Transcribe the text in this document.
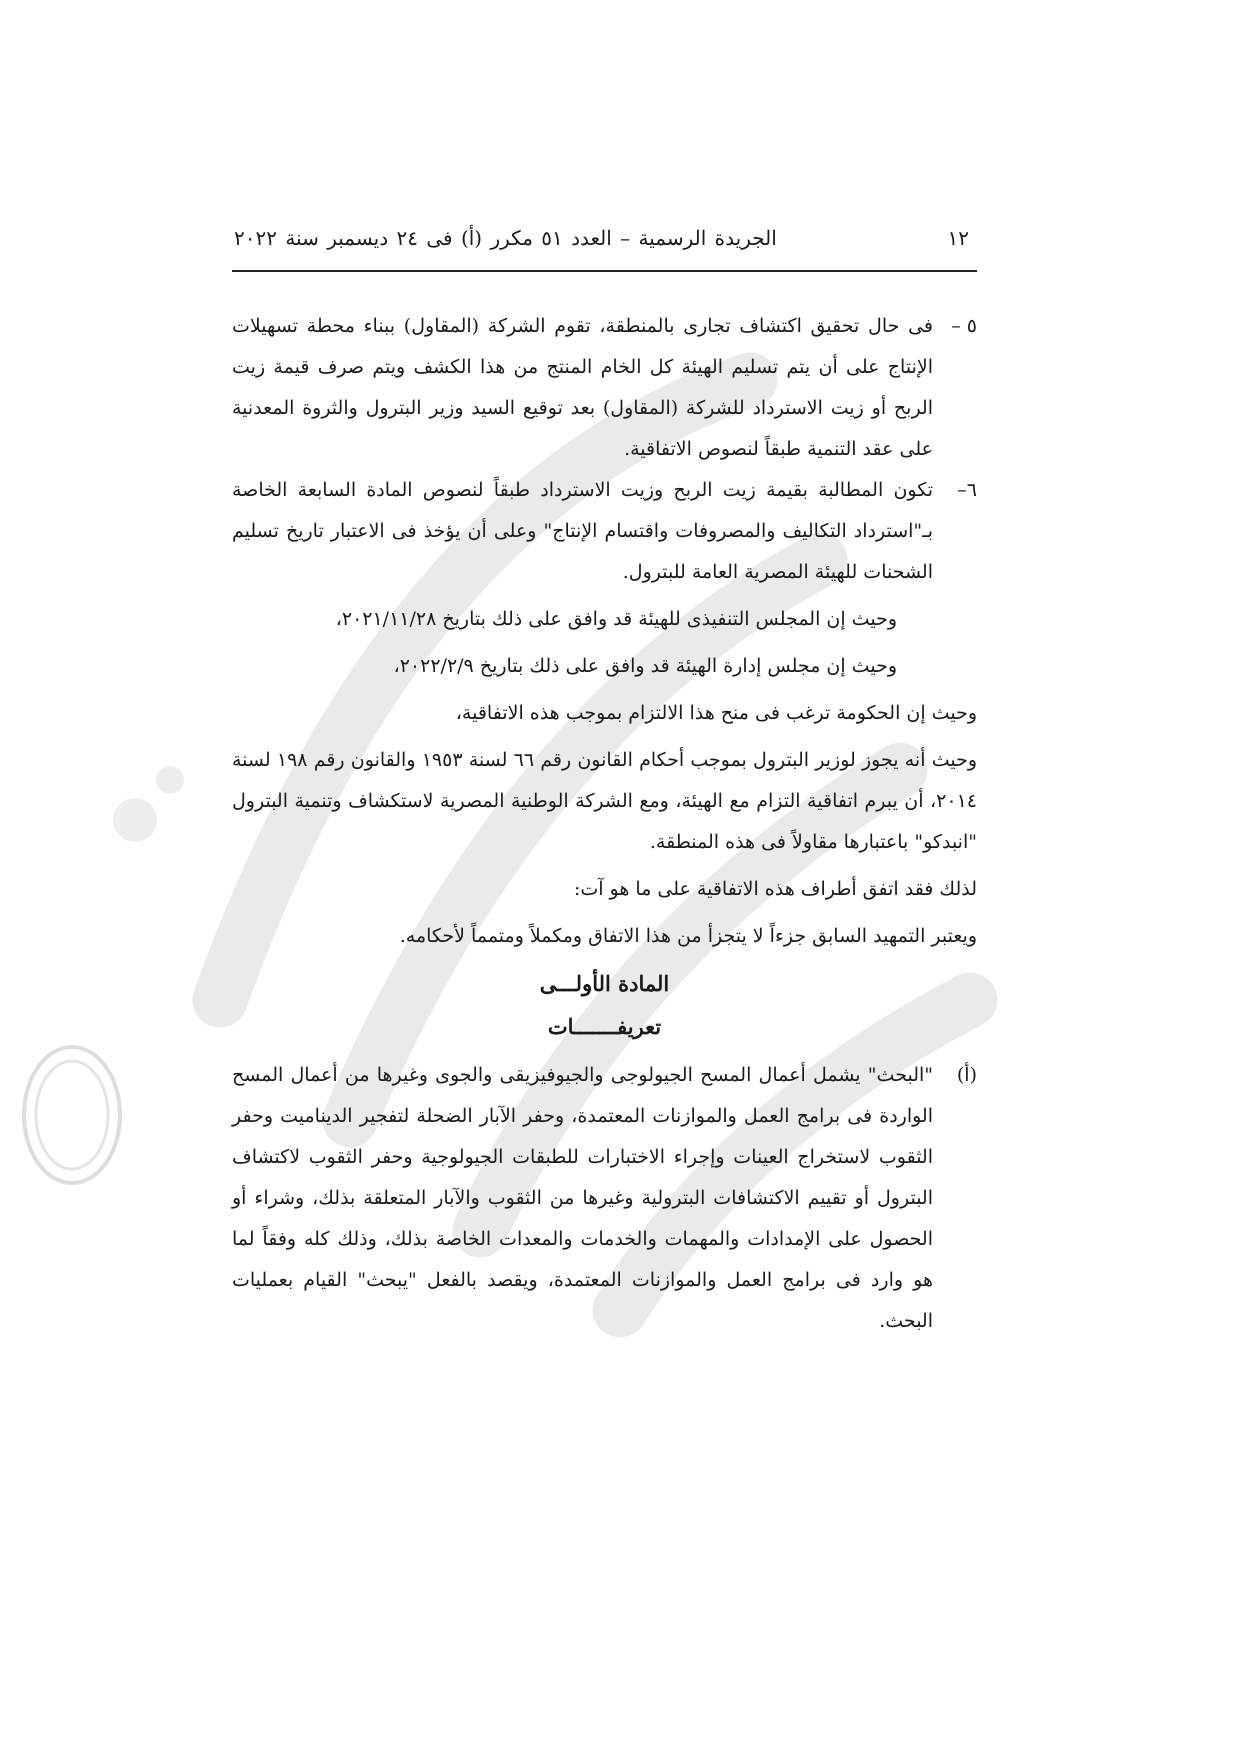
١٢
الجريدة الرسمية – العدد ٥١ مكرر (أ) فى ٢٤ ديسمبر سنة ٢٠٢٢
٥ –
فى حال تحقيق اكتشاف تجارى بالمنطقة، تقوم الشركة (المقاول) ببناء محطة تسهيلات الإنتاج على أن يتم تسليم الهيئة كل الخام المنتج من هذا الكشف ويتم صرف قيمة زيت الربح أو زيت الاسترداد للشركة (المقاول) بعد توقيع السيد وزير البترول والثروة المعدنية على عقد التنمية طبقاً لنصوص الاتفاقية.
٦–
تكون المطالبة بقيمة زيت الربح وزيت الاسترداد طبقاً لنصوص المادة السابعة الخاصة بـ"استرداد التكاليف والمصروفات واقتسام الإنتاج" وعلى أن يؤخذ فى الاعتبار تاريخ تسليم الشحنات للهيئة المصرية العامة للبترول.

وحيث إن المجلس التنفيذى للهيئة قد وافق على ذلك بتاريخ ٢٠٢١/١١/٢٨،

وحيث إن مجلس إدارة الهيئة قد وافق على ذلك بتاريخ ٢٠٢٢/٢/٩،

وحيث إن الحكومة ترغب فى منح هذا الالتزام بموجب هذه الاتفاقية،

وحيث أنه يجوز لوزير البترول بموجب أحكام القانون رقم ٦٦ لسنة ١٩٥٣ والقانون رقم ١٩٨ لسنة ٢٠١٤، أن يبرم اتفاقية التزام مع الهيئة، ومع الشركة الوطنية المصرية لاستكشاف وتنمية البترول "انبدكو" باعتبارها مقاولاً فى هذه المنطقة.

لذلك فقد اتفق أطراف هذه الاتفاقية على ما هو آت:

ويعتبر التمهيد السابق جزءاً لا يتجزأ من هذا الاتفاق ومكملاً ومتمماً لأحكامه.

المادة الأولـــى
تعريفـــــــات
(أ)
"البحث" يشمل أعمال المسح الجيولوجى والجيوفيزيقى والجوى وغيرها من أعمال المسح الواردة فى برامج العمل والموازنات المعتمدة، وحفر الآبار الضحلة لتفجير الديناميت وحفر الثقوب لاستخراج العينات وإجراء الاختبارات للطبقات الجيولوجية وحفر الثقوب لاكتشاف البترول أو تقييم الاكتشافات البترولية وغيرها من الثقوب والآبار المتعلقة بذلك، وشراء أو الحصول على الإمدادات والمهمات والخدمات والمعدات الخاصة بذلك، وذلك كله وفقاً لما هو وارد فى برامج العمل والموازنات المعتمدة، ويقصد بالفعل "يبحث" القيام بعمليات البحث.
